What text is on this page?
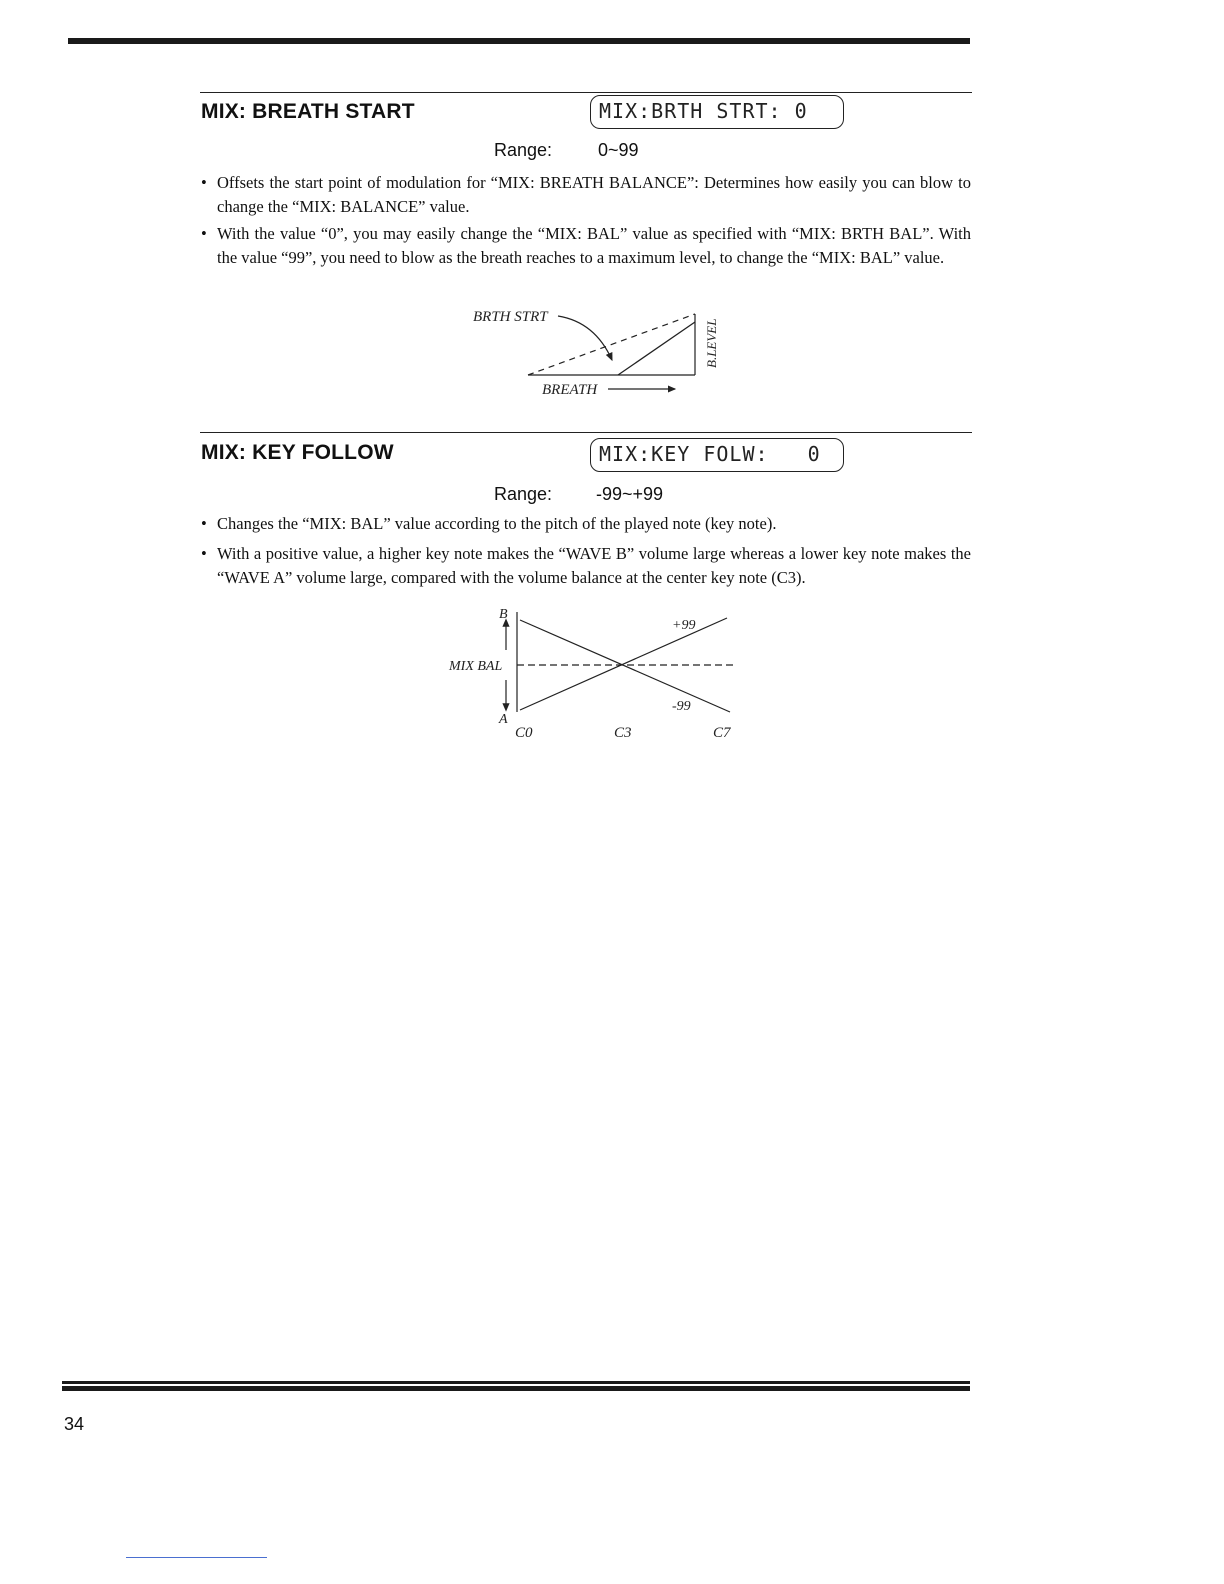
MIX: BREATH START	MIX:BRTH STRT: 0
Range:	0~99
• Offsets the start point of modulation for “MIX: BREATH BALANCE”: Determines how easily you can blow to change the “MIX: BALANCE” value.
• With the value “0”, you may easily change the “MIX: BAL” value as specified with “MIX: BRTH BAL”. With the value “99”, you need to blow as the breath reaches to a maximum level, to change the “MIX: BAL” value.
BRTH STRT
BREATH
B.LEVEL
MIX: KEY FOLLOW	MIX:KEY FOLW:   0
Range: -99~+99
• Changes the “MIX: BAL” value according to the pitch of the played note (key note).
• With a positive value, a higher key note makes the “WAVE B” volume large whereas a lower key note makes the “WAVE A” volume large, compared with the volume balance at the center key note (C3).
B
A
MIX BAL
+99
-99
C0	C3	C7
34
